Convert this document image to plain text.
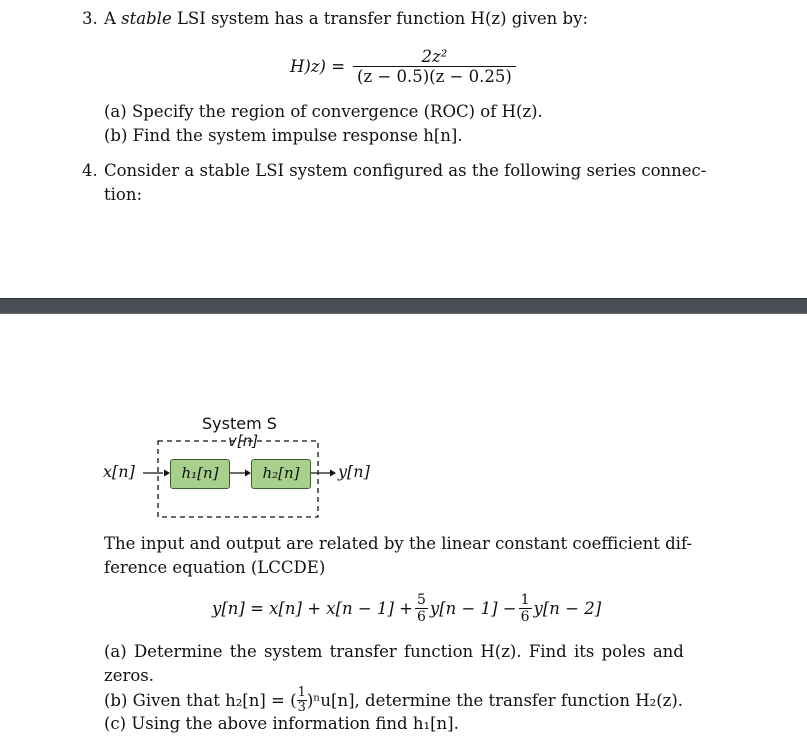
3. A stable LSI system has a transfer function H(z) given by:
$H)z) = \frac{\text{2z²}}{(z - 0.5)(z - 0.25)}$
(a) Specify the region of convergence (ROC) of H(z).
(b) Find the system impulse response h[n].
4. Consider a stable LSI system configured as the following series connec-
tion:
System S
v[n]
x[n]	h₁[n]	h₂[n]	y[n]
The input and output are related by the linear constant coefficient dif-
ference equation (LCCDE)
$y[n] = x[n] + x[n - 1] + \frac{5}{6} y[n - 1] - \frac{1}{6} y[n - 2]$
(a) Determine the system transfer function H(z). Find its poles and
zeros.
(b) Given that h₂[n] = ( $\frac{1}{3} )^nu[n]$, determine the transfer function H₂(z).
(c) Using the above information find h₁[n].
